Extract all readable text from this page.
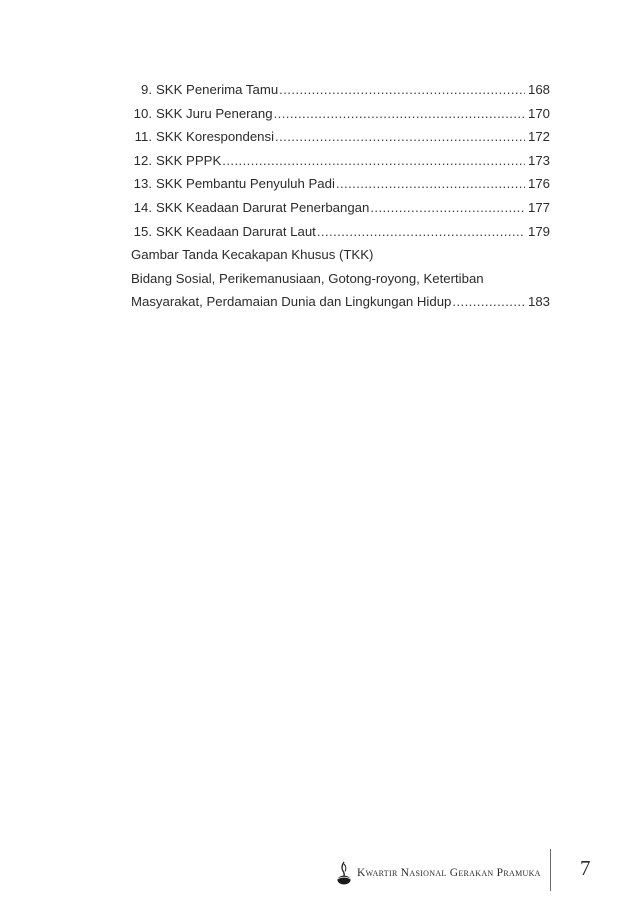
9. SKK Penerima Tamu .....	168
10. SKK Juru Penerang .....	170
11. SKK Korespondensi .....	172
12. SKK PPPK .....	173
13. SKK Pembantu Penyuluh Padi .....	176
14. SKK Keadaan Darurat Penerbangan .....	177
15. SKK Keadaan Darurat Laut .....	179
Gambar Tanda Kecakapan Khusus (TKK)
Bidang Sosial, Perikemanusiaan, Gotong-royong, Ketertiban
Masyarakat, Perdamaian Dunia dan Lingkungan Hidup .....	183
Kwartir Nasional Gerakan Pramuka 7
